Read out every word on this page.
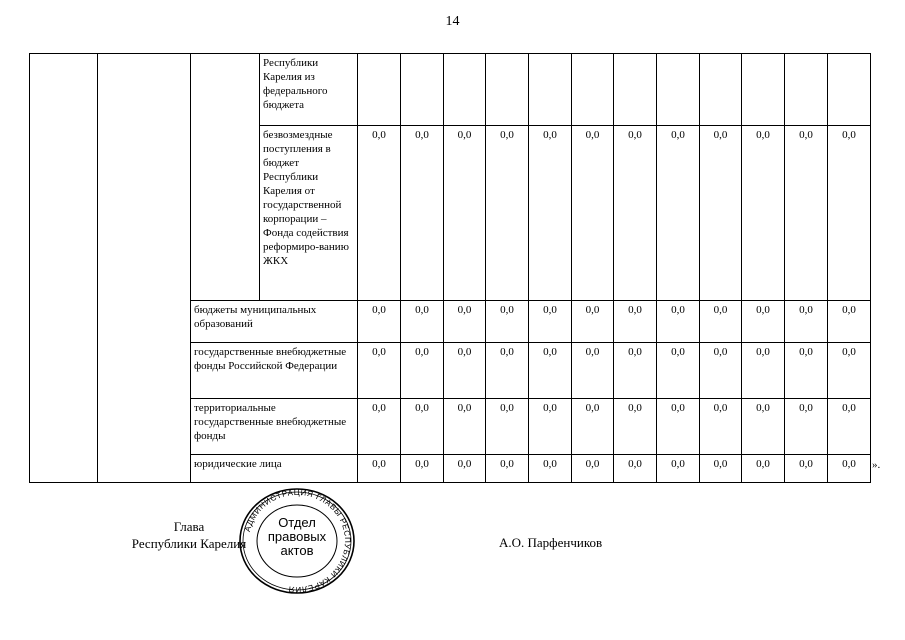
14
			Республики Карелия из федерального бюджета												
			безвозмездные поступления в бюджет Республики Карелия от государственной корпорации – Фонда содействия реформиро-ванию ЖКХ	0,0	0,0	0,0	0,0	0,0	0,0	0,0	0,0	0,0	0,0	0,0	0,0
		бюджеты муниципальных образований		0,0	0,0	0,0	0,0	0,0	0,0	0,0	0,0	0,0	0,0	0,0	0,0
		государственные внебюджетные фонды Российской Федерации		0,0	0,0	0,0	0,0	0,0	0,0	0,0	0,0	0,0	0,0	0,0	0,0
		территориальные государственные внебюджетные фонды		0,0	0,0	0,0	0,0	0,0	0,0	0,0	0,0	0,0	0,0	0,0	0,0
		юридические лица		0,0	0,0	0,0	0,0	0,0	0,0	0,0	0,0	0,0	0,0	0,0	0,0 ».
Глава
Республики Карелия
АДМИНИСТРАЦИЯ ГЛАВЫ РЕСПУБЛИКИ КАРЕЛИЯ
Отдел
правовых
актов
А.О. Парфенчиков
